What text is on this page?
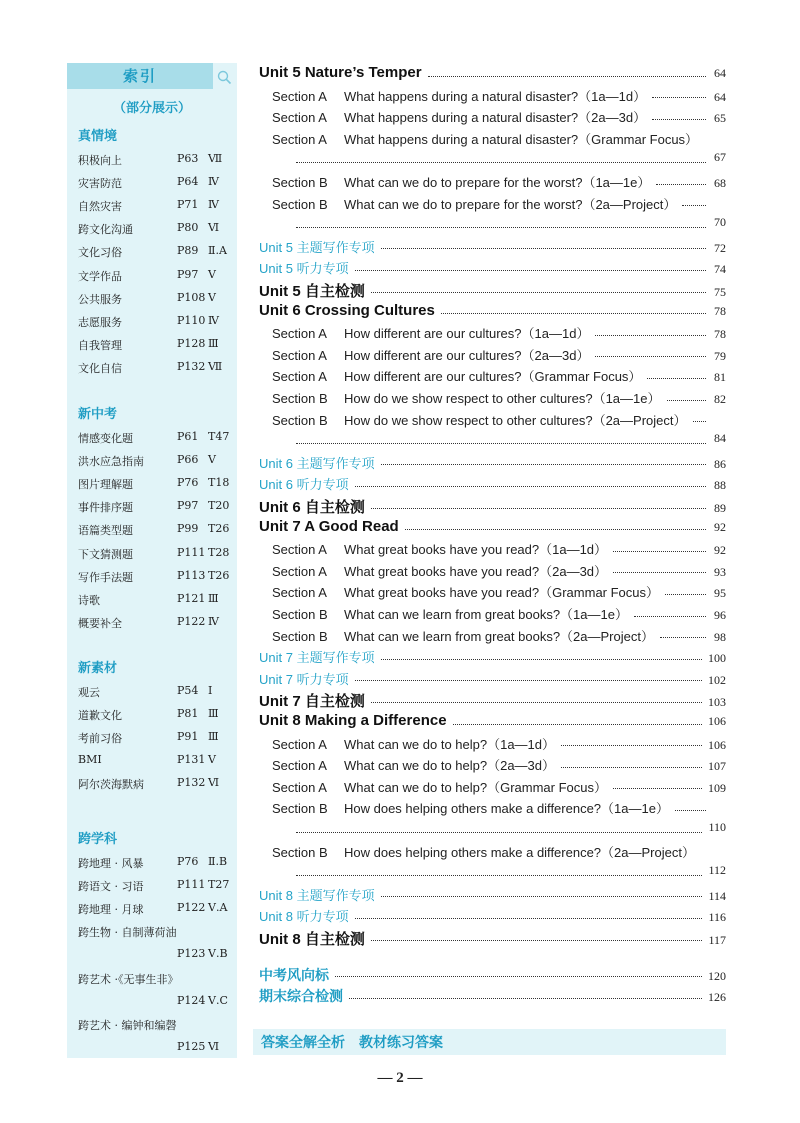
索引
（部分展示）
真情境
积极向上	P63 Ⅶ
灾害防范	P64 Ⅳ
自然灾害	P71 Ⅳ
跨文化沟通	P80 Ⅵ
文化习俗	P89 Ⅱ.A
文学作品	P97 Ⅴ
公共服务	P108 Ⅴ
志愿服务	P110 Ⅳ
自我管理	P128 Ⅲ
文化自信	P132 Ⅶ
新中考
情感变化题	P61 T47
洪水应急指南	P66 Ⅴ
图片理解题	P76 T18
事件排序题	P97 T20
语篇类型题	P99 T26
下文猜测题	P111 T28
写作手法题	P113 T26
诗歌	P121 Ⅲ
概要补全	P122 Ⅳ
新素材
观云	P54 Ⅰ
道歉文化	P81 Ⅲ
考前习俗	P91 Ⅲ
BMI	P131 Ⅴ
阿尔茨海默病	P132 Ⅵ
跨学科
跨地理 · 风暴	P76 Ⅱ.B
跨语文 · 习语	P111 T27
跨地理 · 月球	P122 Ⅴ.A
跨生物 · 自制薄荷油
P123 Ⅴ.B
跨艺术 ·《无事生非》
P124 Ⅴ.C
跨艺术 · 编钟和编磬
P125 Ⅵ
Unit 5 Nature’s Temper	64
Section A	What happens during a natural disaster?（1a—1d）	64
Section A	What happens during a natural disaster?（2a—3d）	65
Section A	What happens during a natural disaster?（Grammar Focus）
67
Section B	What can we do to prepare for the worst?（1a—1e）	68
Section B	What can we do to prepare for the worst?（2a—Project）
70
Unit 5 主题写作专项	72
Unit 5 听力专项	74
Unit 5 自主检测	75
Unit 6 Crossing Cultures	78
Section A	How different are our cultures?（1a—1d）	78
Section A	How different are our cultures?（2a—3d）	79
Section A	How different are our cultures?（Grammar Focus）	81
Section B	How do we show respect to other cultures?（1a—1e）	82
Section B	How do we show respect to other cultures?（2a—Project）
84
Unit 6 主题写作专项	86
Unit 6 听力专项	88
Unit 6 自主检测	89
Unit 7 A Good Read	92
Section A	What great books have you read?（1a—1d）	92
Section A	What great books have you read?（2a—3d）	93
Section A	What great books have you read?（Grammar Focus）	95
Section B	What can we learn from great books?（1a—1e）	96
Section B	What can we learn from great books?（2a—Project）	98
Unit 7 主题写作专项	100
Unit 7 听力专项	102
Unit 7 自主检测	103
Unit 8 Making a Difference	106
Section A	What can we do to help?（1a—1d）	106
Section A	What can we do to help?（2a—3d）	107
Section A	What can we do to help?（Grammar Focus）	109
Section B	How does helping others make a difference?（1a—1e）
110
Section B	How does helping others make a difference?（2a—Project）
112
Unit 8 主题写作专项	114
Unit 8 听力专项	116
Unit 8 自主检测	117
中考风向标	120
期末综合检测	126
答案全解全析　教材练习答案
— 2 —
